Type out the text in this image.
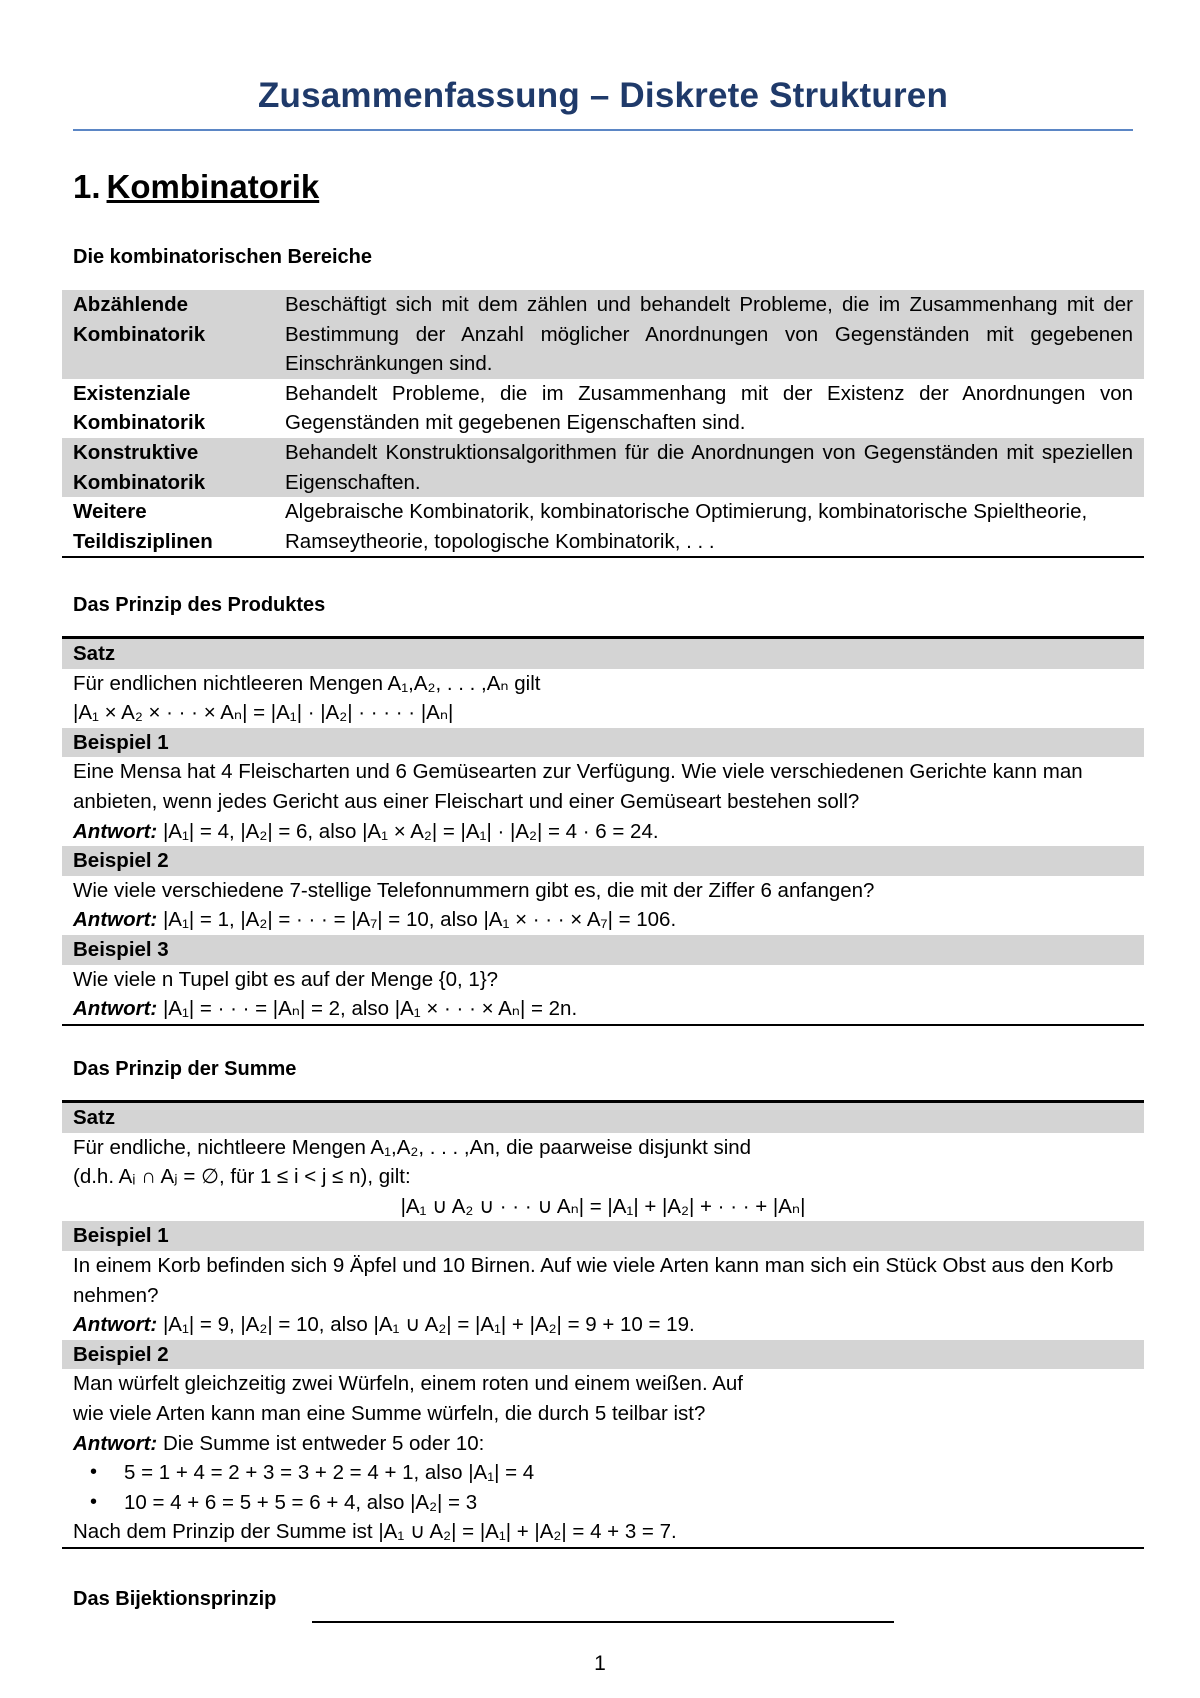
Zusammenfassung – Diskrete Strukturen
1. Kombinatorik
Die kombinatorischen Bereiche
Abzählende
Kombinatorik	Beschäftigt sich mit dem zählen und behandelt Probleme, die im Zusammenhang mit der Bestimmung der Anzahl möglicher Anordnungen von Gegenständen mit gegebenen Einschränkungen sind.
Existenziale
Kombinatorik	Behandelt Probleme, die im Zusammenhang mit der Existenz der Anordnungen von Gegenständen mit gegebenen Eigenschaften sind.
Konstruktive
Kombinatorik	Behandelt Konstruktionsalgorithmen für die Anordnungen von Gegenständen mit speziellen Eigenschaften.
Weitere
Teildisziplinen	Algebraische Kombinatorik, kombinatorische Optimierung, kombinatorische Spieltheorie, Ramseytheorie, topologische Kombinatorik, . . .
Das Prinzip des Produktes
Satz
Für endlichen nichtleeren Mengen A₁,A₂, . . . ,Aₙ gilt
|A₁ × A₂ × · · · × Aₙ| = |A₁| · |A₂| · · · · · |Aₙ|
Beispiel 1
Eine Mensa hat 4 Fleischarten und 6 Gemüsearten zur Verfügung. Wie viele verschiedenen Gerichte kann man anbieten, wenn jedes Gericht aus einer Fleischart und einer Gemüseart bestehen soll?
Antwort: |A₁| = 4, |A₂| = 6, also |A₁ × A₂| = |A₁| · |A₂| = 4 · 6 = 24.
Beispiel 2
Wie viele verschiedene 7-stellige Telefonnummern gibt es, die mit der Ziffer 6 anfangen?
Antwort: |A₁| = 1, |A₂| = · · · = |A₇| = 10, also |A₁ × · · · × A₇| = 106.
Beispiel 3
Wie viele n Tupel gibt es auf der Menge {0, 1}?
Antwort: |A₁| = · · · = |Aₙ| = 2, also |A₁ × · · · × Aₙ| = 2n.
Das Prinzip der Summe
Satz
Für endliche, nichtleere Mengen A₁,A₂, . . . ,An, die paarweise disjunkt sind
(d.h. Aᵢ ∩ Aⱼ = ∅, für 1 ≤ i < j ≤ n), gilt:
|A₁ ∪ A₂ ∪ · · · ∪ Aₙ| = |A₁| + |A₂| + · · · + |Aₙ|
Beispiel 1
In einem Korb befinden sich 9 Äpfel und 10 Birnen. Auf wie viele Arten kann man sich ein Stück Obst aus den Korb nehmen?
Antwort: |A₁| = 9, |A₂| = 10, also |A₁ ∪ A₂| = |A₁| + |A₂| = 9 + 10 = 19.
Beispiel 2
Man würfelt gleichzeitig zwei Würfeln, einem roten und einem weißen. Auf
wie viele Arten kann man eine Summe würfeln, die durch 5 teilbar ist?
Antwort: Die Summe ist entweder 5 oder 10:
• 5 = 1 + 4 = 2 + 3 = 3 + 2 = 4 + 1, also |A₁| = 4
• 10 = 4 + 6 = 5 + 5 = 6 + 4, also |A₂| = 3
Nach dem Prinzip der Summe ist |A₁ ∪ A₂| = |A₁| + |A₂| = 4 + 3 = 7.
Das Bijektionsprinzip
1
